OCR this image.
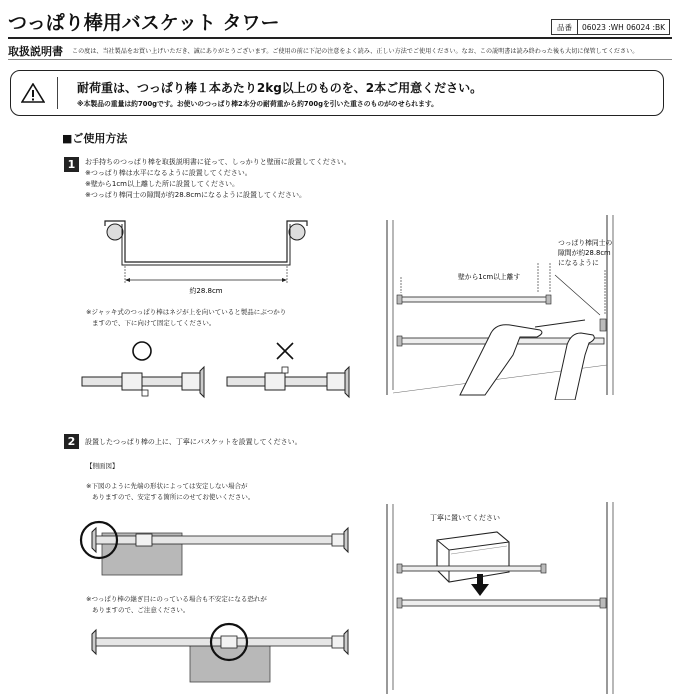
つっぱり棒用バスケット タワー	品番	06023 :WH 06024 :BK
取扱説明書 この度は、当社製品をお買い上げいただき、誠にありがとうございます。ご使用の前に下記の注意をよく読み、正しい方法でご使用ください。なお、この説明書は読み終わった後も大切に保管してください。
耐荷重は、つっぱり棒１本あたり2kg以上のものを、2本ご用意ください。
※本製品の重量は約700gです。お使いのつっぱり棒2本分の耐荷重から約700gを引いた重さのものがのせられます。
■ご使用方法
1	お手持ちのつっぱり棒を取扱説明書に従って、しっかりと壁面に設置してください。
※つっぱり棒は水平になるように設置してください。
※壁から1cm以上離した所に設置してください。
※つっぱり棒同士の隙間が約28.8cmになるように設置してください。
約28.8cm
※ジャッキ式のつっぱり棒はネジが上を向いていると製品にぶつかり
ますので、下に向けて固定してください。
壁から1cm以上離す
つっぱり棒同士の
隙間が約28.8cm
になるように
2	設置したつっぱり棒の上に、丁寧にバスケットを設置してください。
【側面図】
※下図のように先端の形状によっては安定しない場合が
ありますので、安定する箇所にのせてお使いください。
※つっぱり棒の継ぎ目にのっている場合も不安定になる恐れが
ありますので、ご注意ください。
丁寧に置いてください
